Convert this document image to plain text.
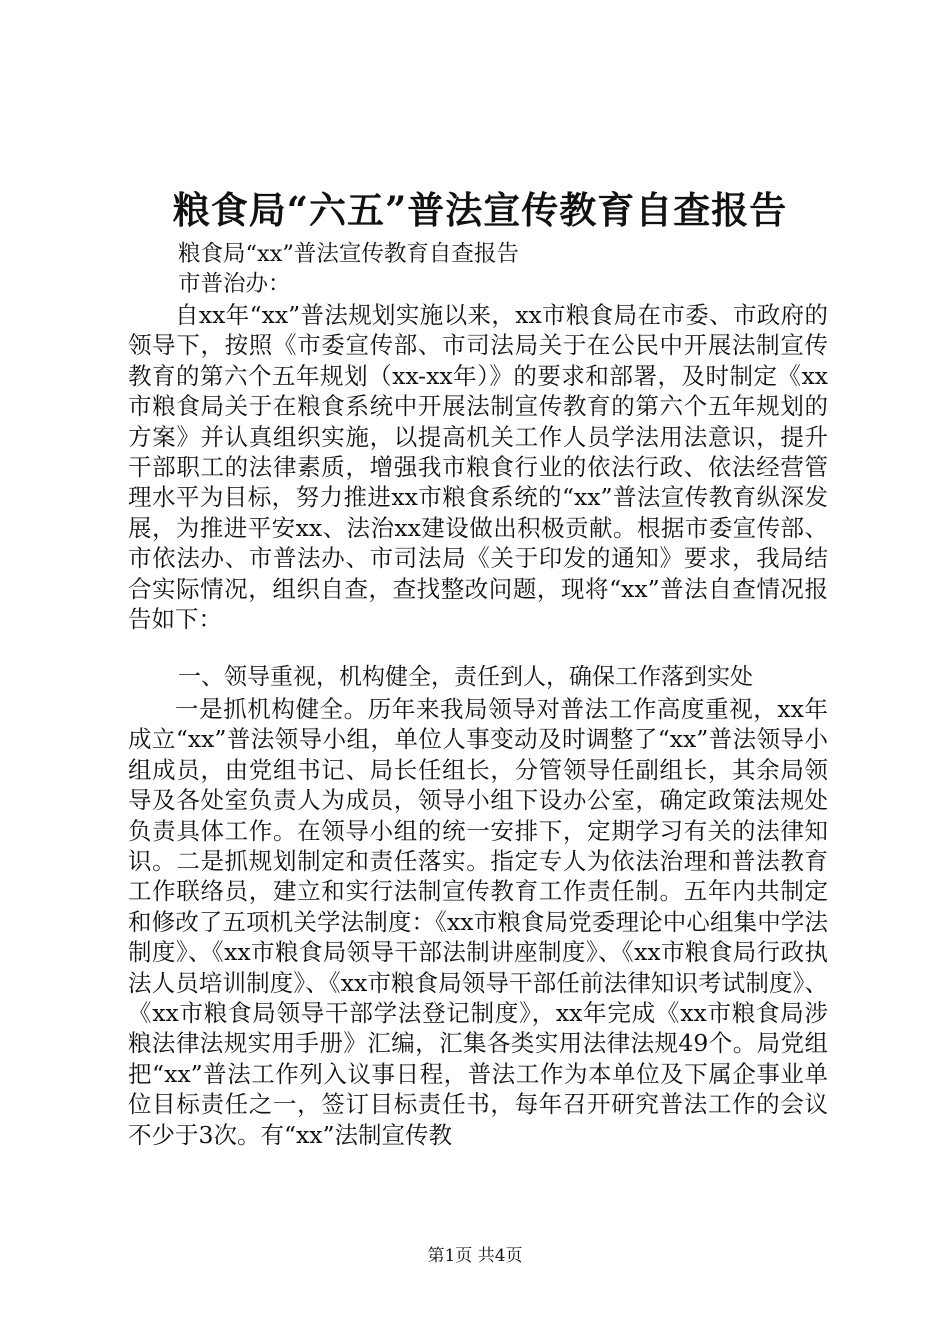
粮食局“六五”普法宣传教育自查报告
粮食局“xx”普法宣传教育自查报告
市普治办：
自xx年“xx”普法规划实施以来，xx市粮食局在市委、市政府的领导下，按照《市委宣传部、市司法局关于在公民中开展法制宣传教育的第六个五年规划（xx-xx年）》的要求和部署，及时制定《xx市粮食局关于在粮食系统中开展法制宣传教育的第六个五年规划的方案》并认真组织实施，以提高机关工作人员学法用法意识，提升干部职工的法律素质，增强我市粮食行业的依法行政、依法经营管理水平为目标，努力推进xx市粮食系统的“xx”普法宣传教育纵深发展，为推进平安xx、法治xx建设做出积极贡献。根据市委宣传部、市依法办、市普法办、市司法局《关于印发的通知》要求，我局结合实际情况，组织自查，查找整改问题，现将“xx”普法自查情况报告如下：
一、领导重视，机构健全，责任到人，确保工作落到实处
一是抓机构健全。历年来我局领导对普法工作高度重视，xx年成立“xx”普法领导小组，单位人事变动及时调整了“xx”普法领导小组成员，由党组书记、局长任组长，分管领导任副组长，其余局领导及各处室负责人为成员，领导小组下设办公室，确定政策法规处负责具体工作。在领导小组的统一安排下，定期学习有关的法律知识。二是抓规划制定和责任落实。指定专人为依法治理和普法教育工作联络员，建立和实行法制宣传教育工作责任制。五年内共制定和修改了五项机关学法制度：《xx市粮食局党委理论中心组集中学法制度》、《xx市粮食局领导干部法制讲座制度》、《xx市粮食局行政执法人员培训制度》、《xx市粮食局领导干部任前法律知识考试制度》、《xx市粮食局领导干部学法登记制度》，xx年完成《xx市粮食局涉粮法律法规实用手册》汇编，汇集各类实用法律法规49个。局党组把“xx”普法工作列入议事日程，普法工作为本单位及下属企事业单位目标责任之一，签订目标责任书，每年召开研究普法工作的会议不少于3次。有“xx”法制宣传教
第1页 共4页
